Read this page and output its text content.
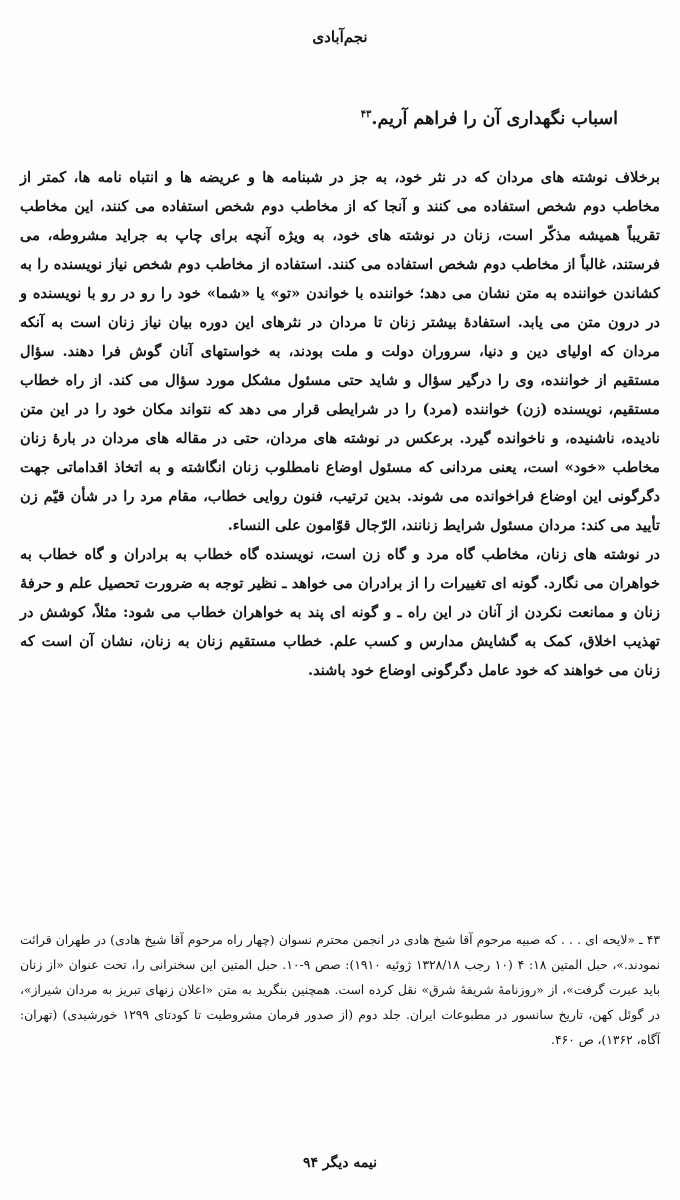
نجم‌آبادی
اسباب نگهداری آن را فراهم آریم.$^{۴۳}$

برخلاف نوشته های مردان که در نثر خود، به جز در شبنامه ها و عریضه ها و انتباه نامه ها، کمتر از مخاطب دوم شخص استفاده می کنند و آنجا که از مخاطب دوم شخص استفاده می کنند، این مخاطب تقریباً همیشه مذکّر است، زنان در نوشته های خود، به ویژه آنچه برای چاپ به جراید مشروطه، می فرستند، غالباً از مخاطب دوم شخص استفاده می کنند. استفاده از مخاطب دوم شخص نیاز نویسنده را به کشاندن خواننده به متن نشان می دهد؛ خواننده با خواندن «تو» یا «شما» خود را رو در رو با نویسنده و در درون متن می یابد. استفادهٔ بیشتر زنان تا مردان در نثرهای این دوره بیان نیاز زنان است به آنکه مردان که اولیای دین و دنیا، سروران دولت و ملت بودند، به خواستهای آنان گوش فرا دهند. سؤال مستقیم از خواننده، وی را درگیر سؤال و شاید حتی مسئول مشکل مورد سؤال می کند. از راه خطاب مستقیم، نویسنده (زن) خواننده (مرد) را در شرایطی قرار می دهد که نتواند مکان خود را در این متن نادیده، ناشنیده، و ناخوانده گیرد. برعکس در نوشته های مردان، حتی در مقاله های مردان در بارهٔ زنان مخاطب «خود» است، یعنی مردانی که مسئول اوضاع نامطلوب زنان انگاشته و به اتخاذ اقداماتی جهت دگرگونی این اوضاع فراخوانده می شوند. بدین ترتیب، فنون روایی خطاب، مقام مرد را در شأن قیّم زن تأیید می کند: مردان مسئول شرایط زنانند، الرّجال قوّامون علی النساء.

در نوشته های زنان، مخاطب گاه مرد و گاه زن است، نویسنده گاه خطاب به برادران و گاه خطاب به خواهران می نگارد. گونه ای تغییرات را از برادران می خواهد ـ نظیر توجه به ضرورت تحصیل علم و حرفهٔ زنان و ممانعت نکردن از آنان در این راه ـ و گونه ای پند به خواهران خطاب می شود: مثلاً، کوشش در تهذیب اخلاق، کمک به گشایش مدارس و کسب علم. خطاب مستقیم زنان به زنان، نشان آن است که زنان می خواهند که خود عامل دگرگونی اوضاع خود باشند.

۴۳ ـ «لایحه ای . . . که صبیه مرحوم آقا شیخ هادی در انجمن محترم نسوان (چهار راه مرحوم آقا شیخ هادی) در طهران قرائت نمودند.»، حبل المتین ۱۸: ۴ (۱۰ رجب ۱۳۲۸/۱۸ ژوئیه ۱۹۱۰): صص ۹-۱۰. حبل المتین این سخنرانی را، تحت عنوان «از زنان باید عبرت گرفت»، از «روزنامهٔ شریفهٔ شرق» نقل کرده است. همچنین بنگرید به متن «اعلان زنهای تبریز به مردان شیراز»، در گوئل کهن، تاریخ سانسور در مطبوعات ایران. جلد دوم (از صدور فرمان مشروطیت تا کودتای ۱۲۹۹ خورشیدی) (تهران: آگاه، ۱۳۶۲)، ص ۴۶۰.

نیمه دیگر ۹۴
